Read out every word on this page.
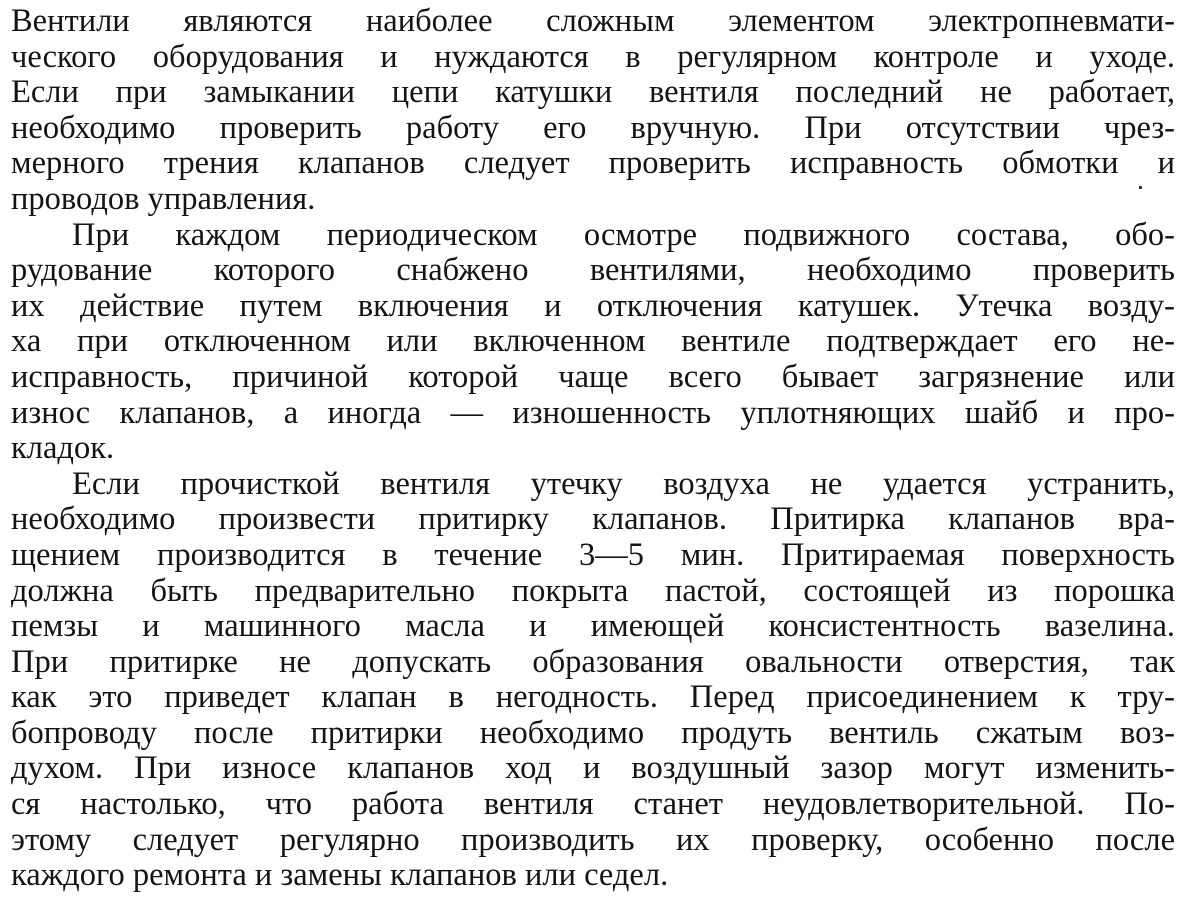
Вентили являются наиболее сложным элементом электропневмати-
ческого оборудования и нуждаются в регулярном контроле и уходе.
Если при замыкании цепи катушки вентиля последний не работает,
необходимо проверить работу его вручную. При отсутствии чрез-
мерного трения клапанов следует проверить исправность обмотки и
проводов управления.
При каждом периодическом осмотре подвижного состава, обо-
рудование которого снабжено вентилями, необходимо проверить
их действие путем включения и отключения катушек. Утечка возду-
ха при отключенном или включенном вентиле подтверждает его не-
исправность, причиной которой чаще всего бывает загрязнение или
износ клапанов, а иногда — изношенность уплотняющих шайб и про-
кладок.
Если прочисткой вентиля утечку воздуха не удается устранить,
необходимо произвести притирку клапанов. Притирка клапанов вра-
щением производится в течение 3—5 мин. Притираемая поверхность
должна быть предварительно покрыта пастой, состоящей из порошка
пемзы и машинного масла и имеющей консистентность вазелина.
При притирке не допускать образования овальности отверстия, так
как это приведет клапан в негодность. Перед присоединением к тру-
бопроводу после притирки необходимо продуть вентиль сжатым воз-
духом. При износе клапанов ход и воздушный зазор могут изменить-
ся настолько, что работа вентиля станет неудовлетворительной. По-
этому следует регулярно производить их проверку, особенно после
каждого ремонта и замены клапанов или седел.
